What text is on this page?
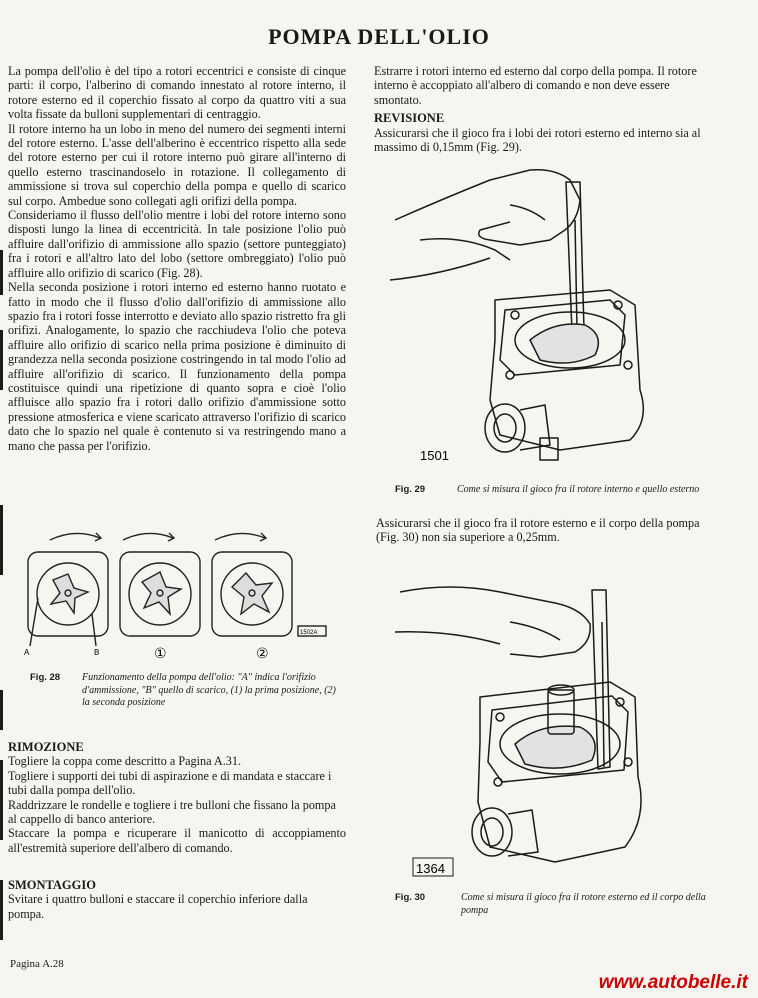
POMPA DELL'OLIO

La pompa dell'olio è del tipo a rotori eccentrici e consiste di cinque parti: il corpo, l'alberino di comando innestato al rotore interno, il rotore esterno ed il coperchio fissato al corpo da quattro viti a sua volta fissate da bulloni supplementari di centraggio.

Il rotore interno ha un lobo in meno del numero dei segmenti interni del rotore esterno. L'asse dell'alberino è eccentrico rispetto alla sede del rotore esterno per cui il rotore interno può girare all'interno di quello esterno trascinandoselo in rotazione. Il collegamento di ammissione si trova sul coperchio della pompa e quello di scarico sul corpo. Ambedue sono collegati agli orifizi della pompa.

Consideriamo il flusso dell'olio mentre i lobi del rotore interno sono disposti lungo la linea di eccentricità. In tale posizione l'olio può affluire dall'orifizio di ammissione allo spazio (settore punteggiato) fra i rotori e all'altro lato del lobo (settore ombreggiato) l'olio può affluire allo orifizio di scarico (Fig. 28).

Nella seconda posizione i rotori interno ed esterno hanno ruotato e fatto in modo che il flusso d'olio dall'orifizio di ammissione allo spazio fra i rotori fosse interrotto e deviato allo spazio ristretto fra gli orifizi. Analogamente, lo spazio che racchiudeva l'olio che poteva affluire allo orifizio di scarico nella prima posizione è diminuito di grandezza nella seconda posizione costringendo in tal modo l'olio ad affluire all'orifizio di scarico. Il funzionamento della pompa costituisce quindi una ripetizione di quanto sopra e cioè l'olio affluisce allo spazio fra i rotori dallo orifizio d'ammissione sotto pressione atmosferica e viene scaricato attraverso l'orifizio di scarico dato che lo spazio nel quale è contenuto si va restringendo mano a mano che passa per l'orifizio.

A	B	①	②
1502A
Fig. 28 Funzionamento della pompa dell'olio: "A" indica l'orifizio d'ammissione, "B" quello di scarico, (1) la prima posizione, (2) la seconda posizione

RIMOZIONE

Togliere la coppa come descritto a Pagina A.31.

Togliere i supporti dei tubi di aspirazione e di mandata e staccare i tubi dalla pompa dell'olio.

Raddrizzare le rondelle e togliere i tre bulloni che fissano la pompa al cappello di banco anteriore.

Staccare la pompa e ricuperare il manicotto di accoppiamento all'estremità superiore dell'albero di comando.

SMONTAGGIO

Svitare i quattro bulloni e staccare il coperchio inferiore dalla pompa.

Estrarre i rotori interno ed esterno dal corpo della pompa. Il rotore interno è accoppiato all'albero di comando e non deve essere smontato.

REVISIONE

Assicurarsi che il gioco fra i lobi dei rotori esterno ed interno sia al massimo di 0,15mm (Fig. 29).

1501
Fig. 29	Come si misura il gioco fra il rotore interno e quello esterno
Assicurarsi che il gioco fra il rotore esterno e il corpo della pompa (Fig. 30) non sia superiore a 0,25mm.
1364
Fig. 30	Come si misura il gioco fra il rotore esterno ed il corpo della pompa
Pagina A.28
www.autobelle.it
